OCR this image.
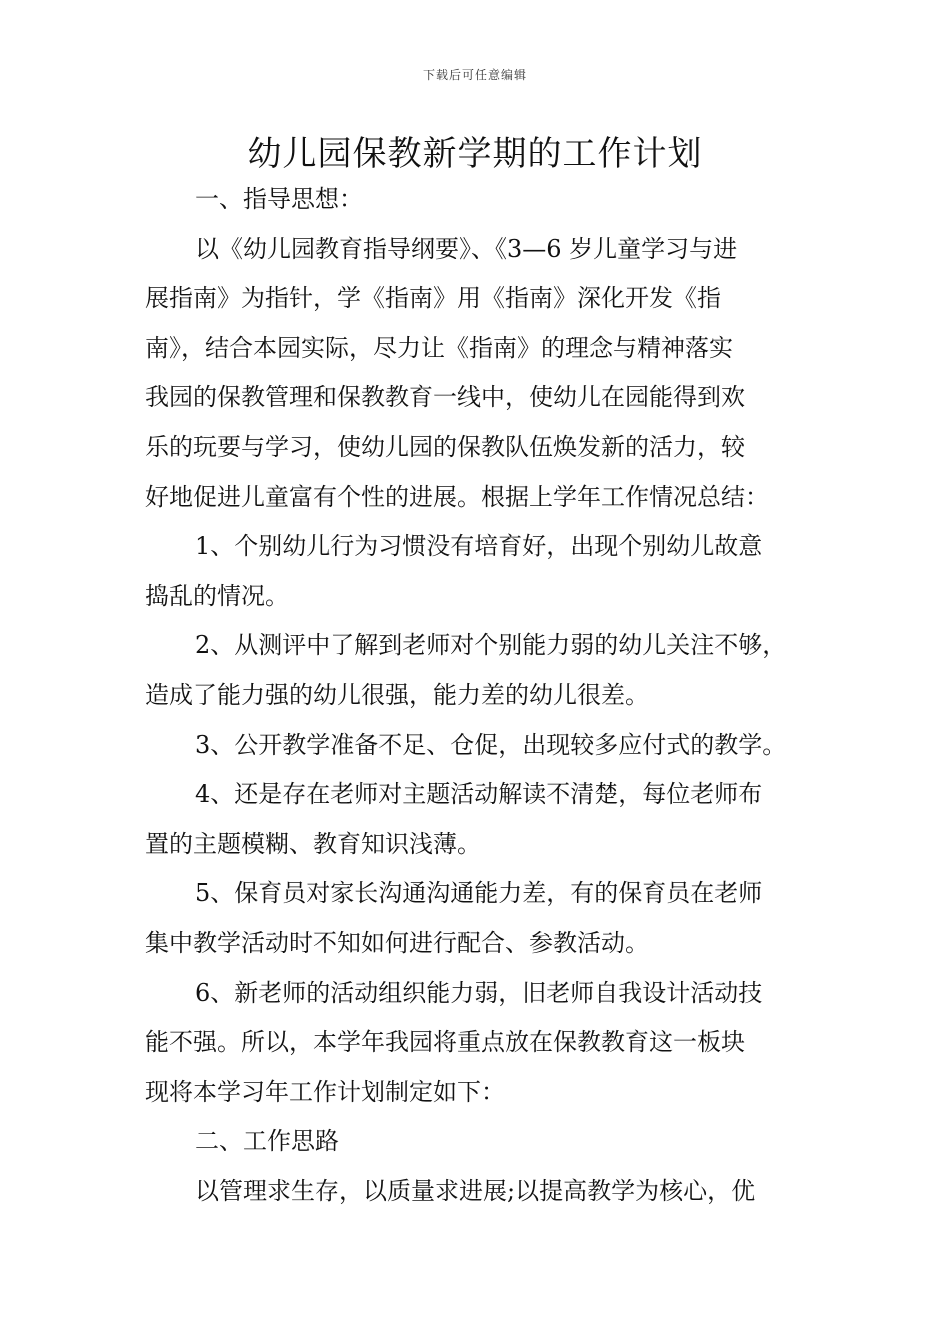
下载后可任意编辑
幼儿园保教新学期的工作计划
一、指导思想：
以《幼儿园教育指导纲要》、《3—6 岁儿童学习与进
展指南》为指针，学《指南》用《指南》深化开发《指
南》，结合本园实际，尽力让《指南》的理念与精神落实
我园的保教管理和保教教育一线中，使幼儿在园能得到欢
乐的玩要与学习，使幼儿园的保教队伍焕发新的活力，较
好地促进儿童富有个性的进展。根据上学年工作情况总结：
1、个别幼儿行为习惯没有培育好，出现个别幼儿故意
捣乱的情况。
2、从测评中了解到老师对个别能力弱的幼儿关注不够，
造成了能力强的幼儿很强，能力差的幼儿很差。
3、公开教学准备不足、仓促，出现较多应付式的教学。
4、还是存在老师对主题活动解读不清楚，每位老师布
置的主题模糊、教育知识浅薄。
5、保育员对家长沟通沟通能力差，有的保育员在老师
集中教学活动时不知如何进行配合、参教活动。
6、新老师的活动组织能力弱，旧老师自我设计活动技
能不强。所以，本学年我园将重点放在保教教育这一板块
现将本学习年工作计划制定如下：
二、工作思路
以管理求生存，以质量求进展;以提高教学为核心，优
